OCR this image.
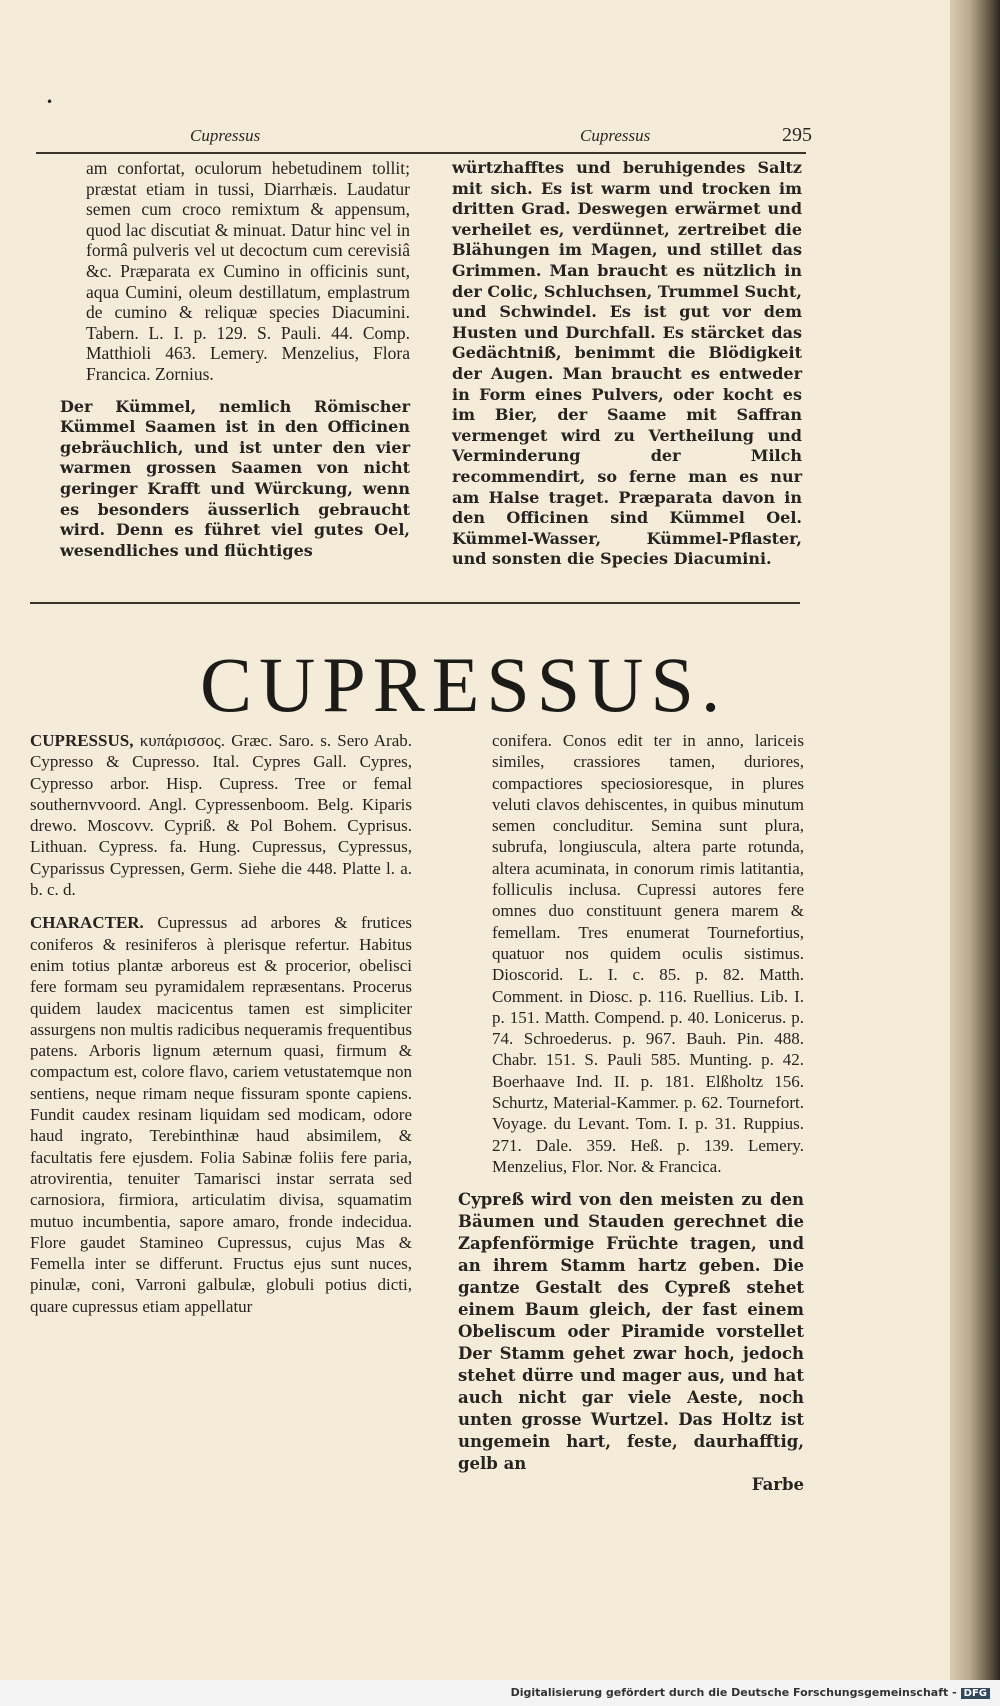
•
Cupressus	Cupressus	295

am confortat, oculorum hebetudinem tollit; præstat etiam in tussi, Diarrhæis. Laudatur semen cum croco remixtum & appensum, quod lac discutiat & minuat. Datur hinc vel in formâ pulveris vel ut decoctum cum cerevisiâ &c. Præparata ex Cumino in officinis sunt, aqua Cumini, oleum destillatum, emplastrum de cumino & reliquæ species Diacumini. Tabern. L. I. p. 129. S. Pauli. 44. Comp. Matthioli 463. Lemery. Menzelius, Flora Francica. Zornius.

Der Kümmel, nemlich Römischer Kümmel Saamen ist in den Officinen gebräuchlich, und ist unter den vier warmen grossen Saamen von nicht geringer Krafft und Würckung, wenn es besonders äusserlich gebraucht wird. Denn es führet viel gutes Oel, wesendliches und flüchtiges

würtzhafftes und beruhigendes Saltz mit sich. Es ist warm und trocken im dritten Grad. Deswegen erwärmet und verheilet es, verdünnet, zertreibet die Blähungen im Magen, und stillet das Grimmen. Man braucht es nützlich in der Colic, Schluchsen, Trummel Sucht, und Schwindel. Es ist gut vor dem Husten und Durchfall. Es stärcket das Gedächtniß, benimmt die Blödigkeit der Augen. Man braucht es entweder in Form eines Pulvers, oder kocht es im Bier, der Saame mit Saffran vermenget wird zu Vertheilung und Verminderung der Milch recommendirt, so ferne man es nur am Halse traget. Præparata davon in den Officinen sind Kümmel Oel. Kümmel-Wasser, Kümmel-Pflaster, und sonsten die Species Diacumini.
CUPRESSUS.

CUPRESSUS, κυπάρισσος. Græc. Saro. s. Sero Arab. Cypresso & Cupresso. Ital. Cypres Gall. Cypres, Cypresso arbor. Hisp. Cupress. Tree or femal southernvvoord. Angl. Cypressenboom. Belg. Kiparis drewo. Moscovv. Cypriß. & Pol Bohem. Cyprisus. Lithuan. Cypress. fa. Hung. Cupressus, Cypressus, Cyparissus Cypressen, Germ. Siehe die 448. Platte l. a. b. c. d.

CHARACTER. Cupressus ad arbores & frutices coniferos & resiniferos à plerisque refertur. Habitus enim totius plantæ arboreus est & procerior, obelisci fere formam seu pyramidalem repræsentans. Procerus quidem laudex macicentus tamen est simpliciter assurgens non multis radicibus nequeramis frequentibus patens. Arboris lignum æternum quasi, firmum & compactum est, colore flavo, cariem vetustatemque non sentiens, neque rimam neque fissuram sponte capiens. Fundit caudex resinam liquidam sed modicam, odore haud ingrato, Terebinthinæ haud absimilem, & facultatis fere ejusdem. Folia Sabinæ foliis fere paria, atrovirentia, tenuiter Tamarisci instar serrata sed carnosiora, firmiora, articulatim divisa, squamatim mutuo incumbentia, sapore amaro, fronde indecidua. Flore gaudet Stamineo Cupressus, cujus Mas & Femella inter se differunt. Fructus ejus sunt nuces, pinulæ, coni, Varroni galbulæ, globuli potius dicti, quare cupressus etiam appellatur

conifera. Conos edit ter in anno, laricеis similes, crassiores tamen, duriores, compactiores speciosioresque, in plures veluti clavos dehiscentes, in quibus minutum semen concluditur. Semina sunt plura, subrufa, longiuscula, altera parte rotunda, altera acuminata, in conorum rimis latitantia, folliculis inclusa. Cupressi autores fere omnes duo constituunt genera marem & femellam. Tres enumerat Tournefortius, quatuor nos quidem oculis sistimus. Dioscorid. L. I. c. 85. p. 82. Matth. Comment. in Diosc. p. 116. Ruellius. Lib. I. p. 151. Matth. Compend. p. 40. Lonicerus. p. 74. Schroederus. p. 967. Bauh. Pin. 488. Chabr. 151. S. Pauli 585. Munting. p. 42. Boerhaave Ind. II. p. 181. Elßholtz 156. Schurtz, Material-Kammer. p. 62. Tournefort. Voyage. du Levant. Tom. I. p. 31. Ruppius. 271. Dale. 359. Heß. p. 139. Lemery. Menzelius, Flor. Nor. & Francica.

Cypreß wird von den meisten zu den Bäumen und Stauden gerechnet die Zapfenförmige Früchte tragen, und an ihrem Stamm hartz geben. Die gantze Gestalt des Cypreß stehet einem Baum gleich, der fast einem Obeliscum oder Piramide vorstellet Der Stamm gehet zwar hoch, jedoch stehet dürre und mager aus, und hat auch nicht gar viele Aeste, noch unten grosse Wurtzel. Das Holtz ist ungemein hart, feste, daurhafftig, gelb an

Farbe

Digitalisierung gefördert durch die Deutsche Forschungsgemeinschaft - DFG
